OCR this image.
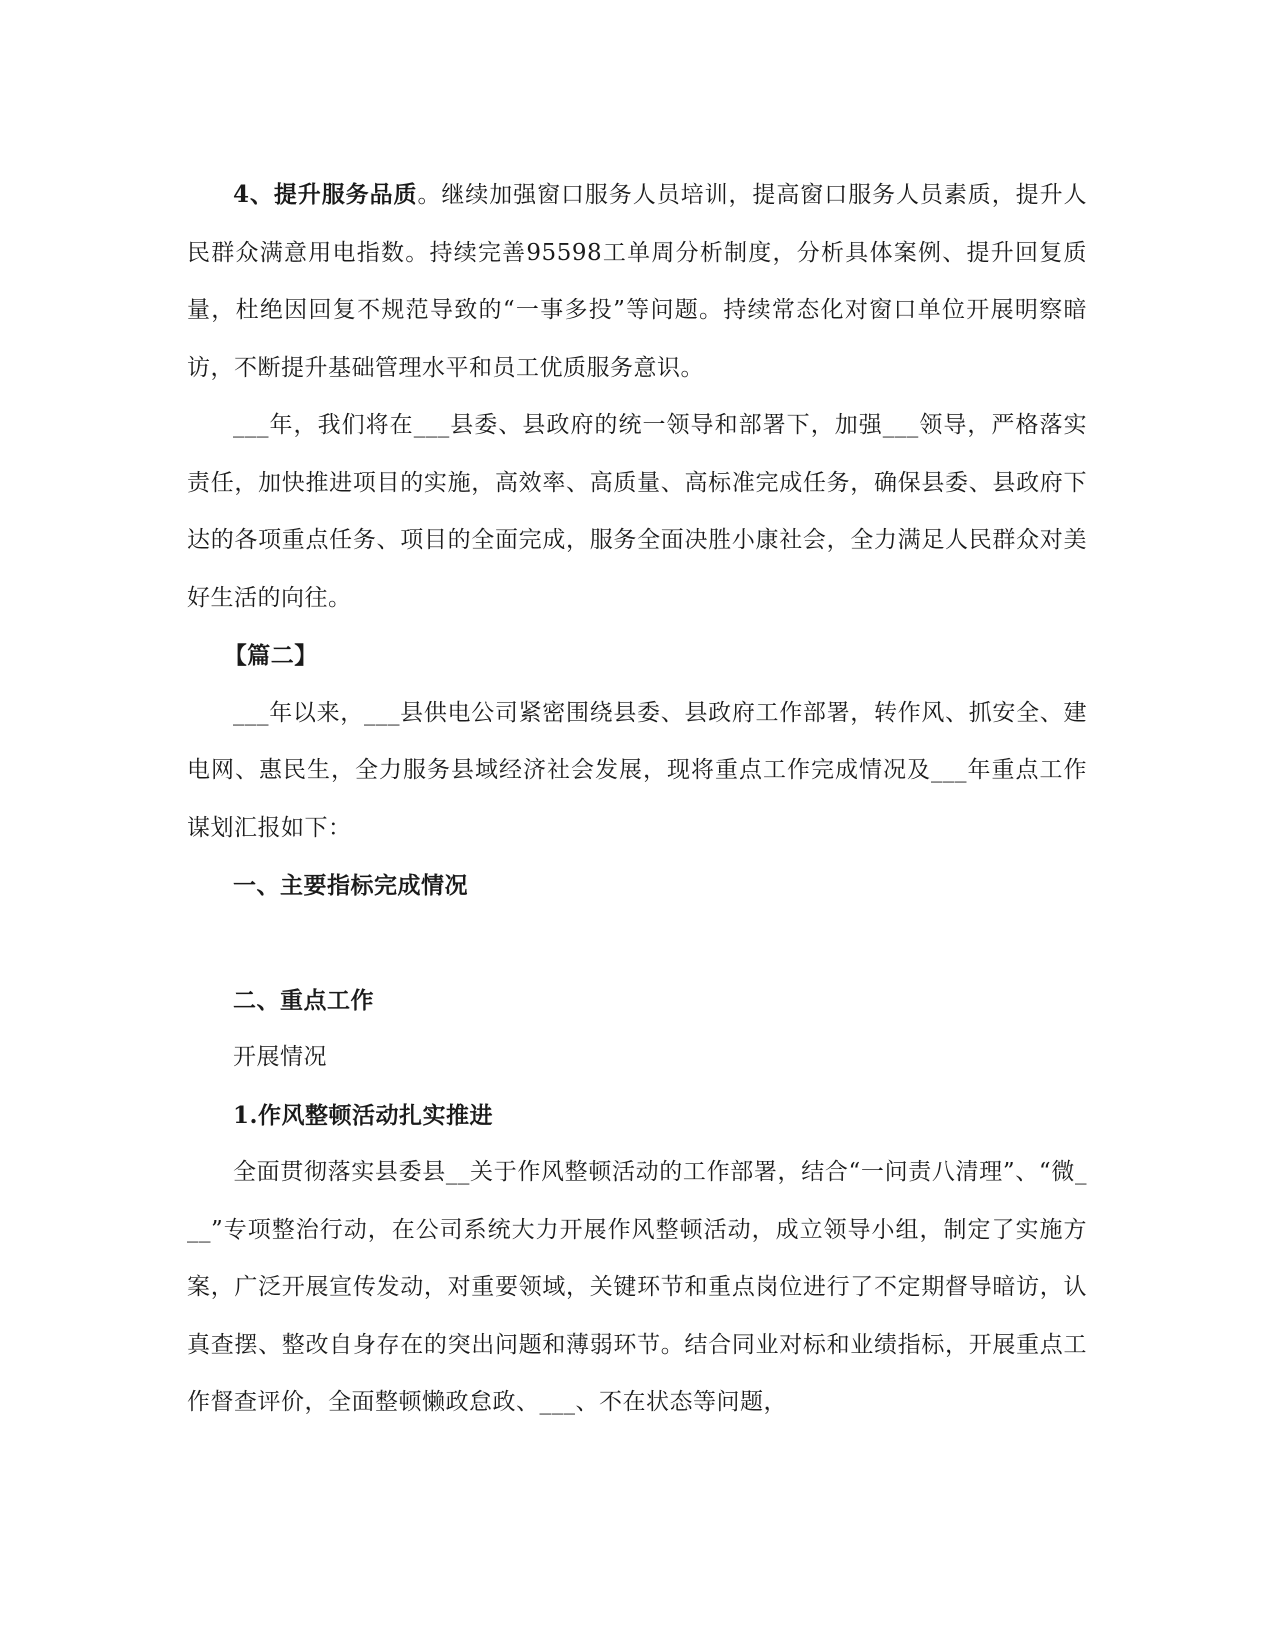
4、提升服务品质。继续加强窗口服务人员培训，提高窗口服务人员素质，提升人民群众满意用电指数。持续完善95598工单周分析制度，分析具体案例、提升回复质量，杜绝因回复不规范导致的“一事多投”等问题。持续常态化对窗口单位开展明察暗访，不断提升基础管理水平和员工优质服务意识。

___年，我们将在___县委、县政府的统一领导和部署下，加强___领导，严格落实责任，加快推进项目的实施，高效率、高质量、高标准完成任务，确保县委、县政府下达的各项重点任务、项目的全面完成，服务全面决胜小康社会，全力满足人民群众对美好生活的向往。

【篇二】

___年以来，___县供电公司紧密围绕县委、县政府工作部署，转作风、抓安全、建电网、惠民生，全力服务县域经济社会发展，现将重点工作完成情况及___年重点工作谋划汇报如下：

一、主要指标完成情况

二、重点工作

开展情况

1.作风整顿活动扎实推进

全面贯彻落实县委县__关于作风整顿活动的工作部署，结合“一问责八清理”、“微___”专项整治行动，在公司系统大力开展作风整顿活动，成立领导小组，制定了实施方案，广泛开展宣传发动，对重要领域，关键环节和重点岗位进行了不定期督导暗访，认真查摆、整改自身存在的突出问题和薄弱环节。结合同业对标和业绩指标，开展重点工作督查评价，全面整顿懒政怠政、___、不在状态等问题，
